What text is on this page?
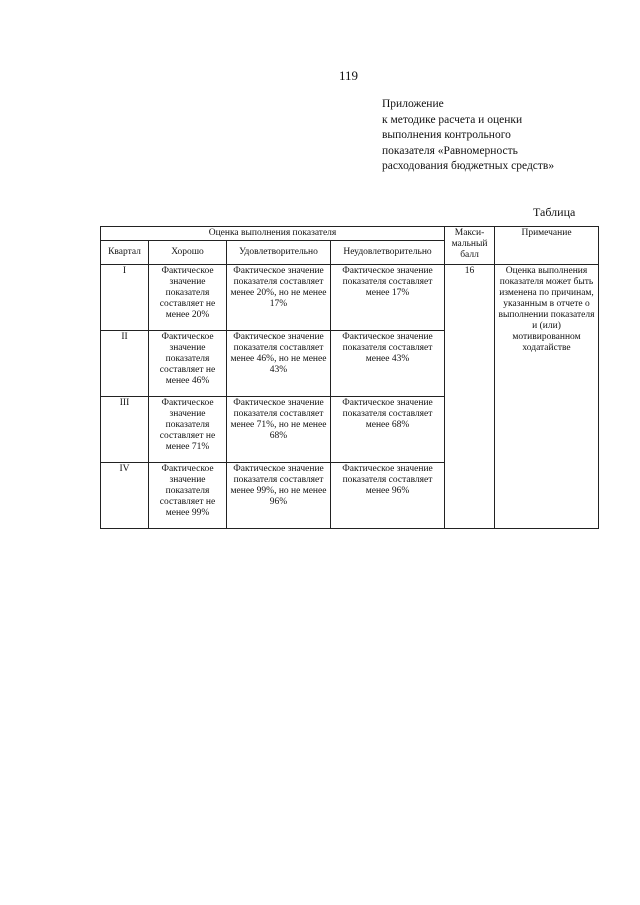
119
Приложение
к методике расчета и оценки
выполнения контрольного
показателя «Равномерность
расходования бюджетных средств»
Таблица
Оценка выполнения показателя				Макси-мальный балл	Примечание
Квартал	Хорошо	Удовлетворительно	Неудовлетворительно		
I	Фактическое значение показателя составляет не менее 20%	Фактическое значение показателя составляет менее 20%, но не менее 17%	Фактическое значение показателя составляет менее 17%	16	Оценка выполнения показателя может быть изменена по причинам, указанным в отчете о выполнении показателя и (или) мотивированном ходатайстве
II	Фактическое значение показателя составляет не менее 46%	Фактическое значение показателя составляет менее 46%, но не менее 43%	Фактическое значение показателя составляет менее 43%		
III	Фактическое значение показателя составляет не менее 71%	Фактическое значение показателя составляет менее 71%, но не менее 68%	Фактическое значение показателя составляет менее 68%		
IV	Фактическое значение показателя составляет не менее 99%	Фактическое значение показателя составляет менее 99%, но не менее 96%	Фактическое значение показателя составляет менее 96%		
